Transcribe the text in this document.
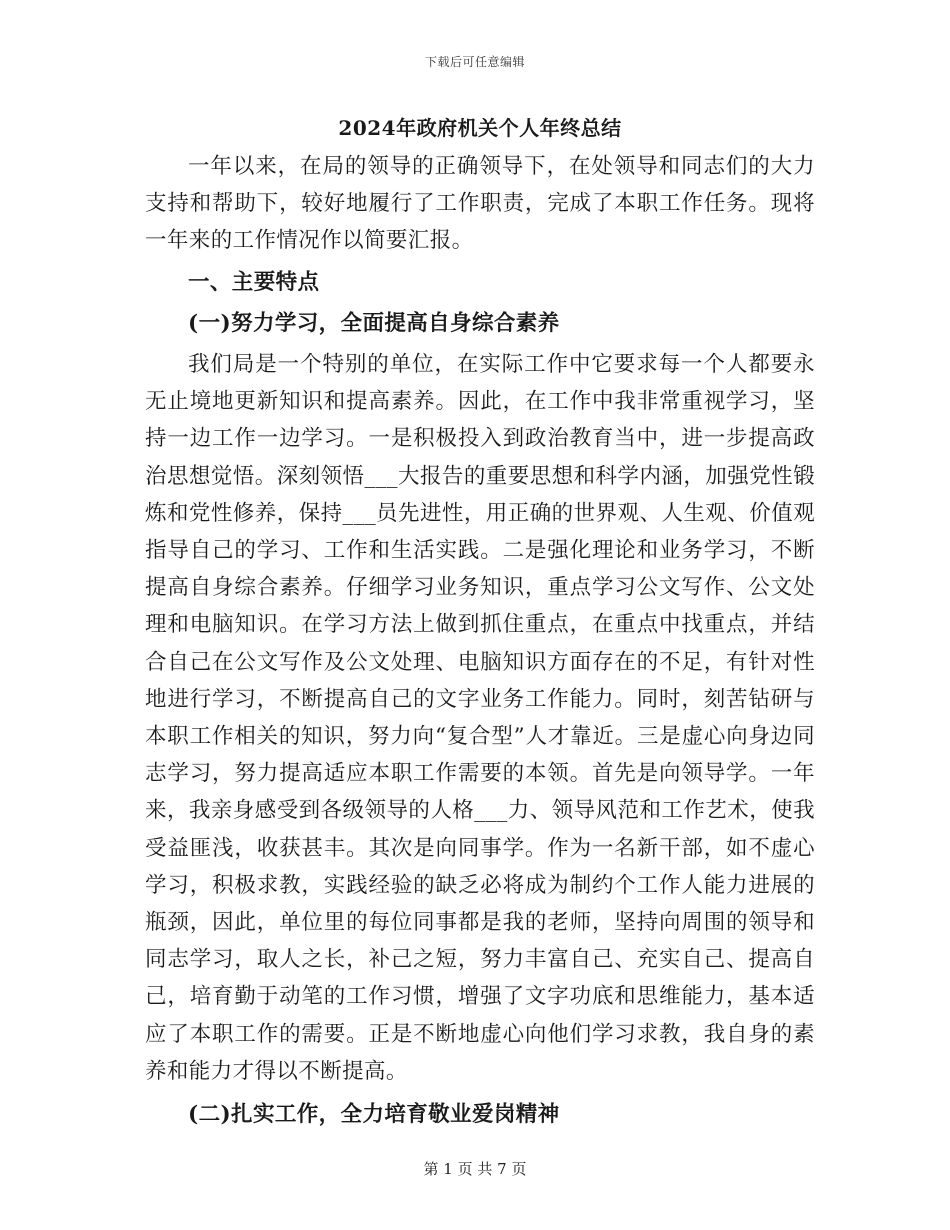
下载后可任意编辑
2024年政府机关个人年终总结

一年以来，在局的领导的正确领导下，在处领导和同志们的大力支持和帮助下，较好地履行了工作职责，完成了本职工作任务。现将一年来的工作情况作以简要汇报。

一、主要特点

(一)努力学习，全面提高自身综合素养

我们局是一个特别的单位，在实际工作中它要求每一个人都要永无止境地更新知识和提高素养。因此，在工作中我非常重视学习，坚持一边工作一边学习。一是积极投入到政治教育当中，进一步提高政治思想觉悟。深刻领悟___大报告的重要思想和科学内涵，加强党性锻炼和党性修养，保持___员先进性，用正确的世界观、人生观、价值观指导自己的学习、工作和生活实践。二是强化理论和业务学习，不断提高自身综合素养。仔细学习业务知识，重点学习公文写作、公文处理和电脑知识。在学习方法上做到抓住重点，在重点中找重点，并结合自己在公文写作及公文处理、电脑知识方面存在的不足，有针对性地进行学习，不断提高自己的文字业务工作能力。同时，刻苦钻研与本职工作相关的知识，努力向“复合型”人才靠近。三是虚心向身边同志学习，努力提高适应本职工作需要的本领。首先是向领导学。一年来，我亲身感受到各级领导的人格___力、领导风范和工作艺术，使我受益匪浅，收获甚丰。其次是向同事学。作为一名新干部，如不虚心学习，积极求教，实践经验的缺乏必将成为制约个工作人能力进展的瓶颈，因此，单位里的每位同事都是我的老师，坚持向周围的领导和同志学习，取人之长，补己之短，努力丰富自己、充实自己、提高自己，培育勤于动笔的工作习惯，增强了文字功底和思维能力，基本适应了本职工作的需要。正是不断地虚心向他们学习求教，我自身的素养和能力才得以不断提高。

(二)扎实工作，全力培育敬业爱岗精神

第 1 页 共 7 页
